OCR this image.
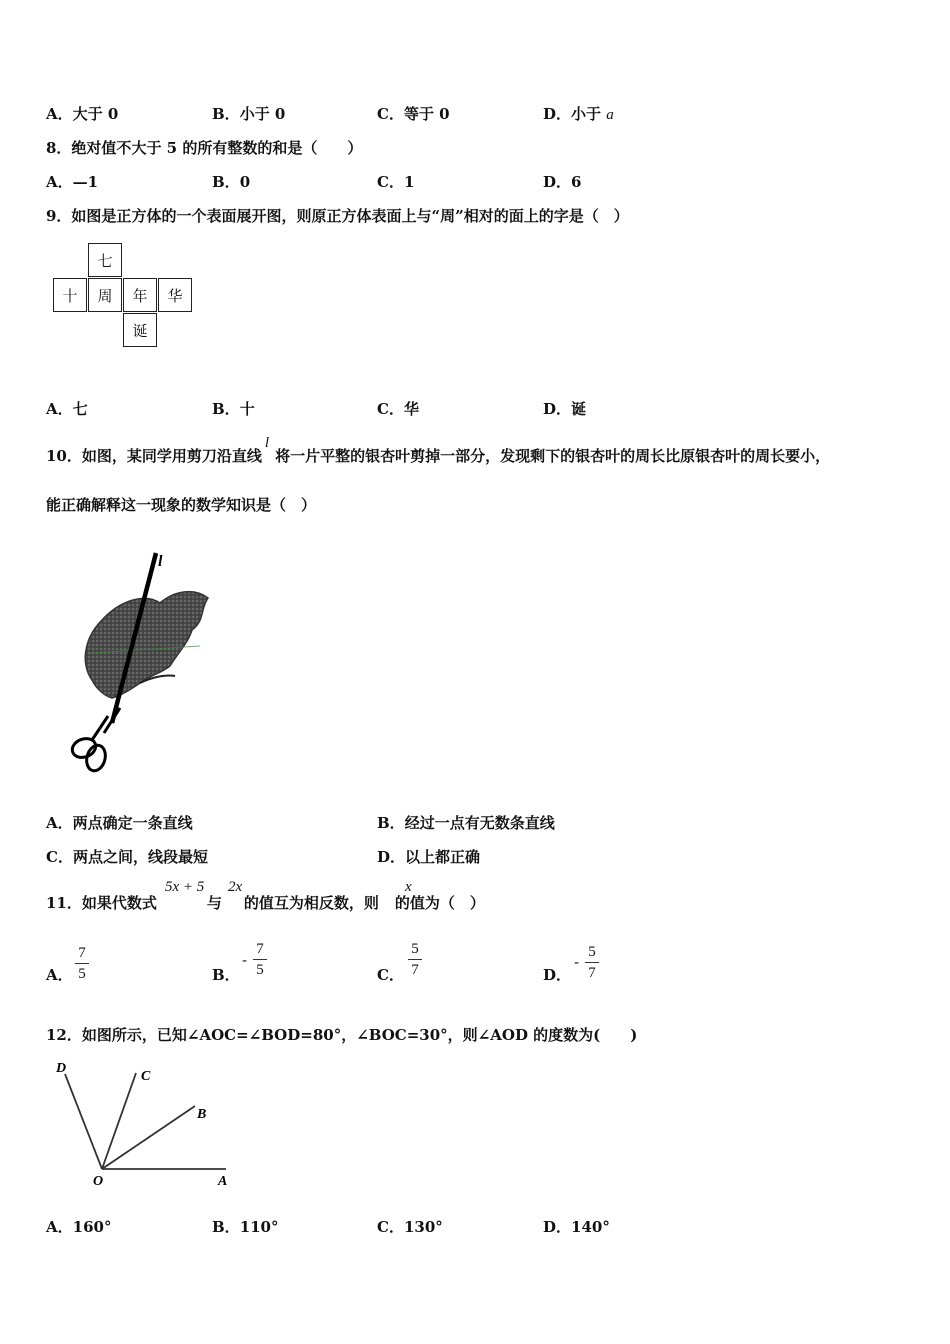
A．大于 0	B．小于 0	C．等于 0	D．小于 a
8．绝对值不大于 5 的所有整数的和是（　　）
A．—1	B．0	C．1	D．6
9．如图是正方体的一个表面展开图，则原正方体表面上与“周”相对的面上的字是（　）
七
十	周	年	华
诞
A．七	B．十	C．华	D．诞
10．如图，某同学用剪刀沿直线l将一片平整的银杏叶剪掉一部分，发现剩下的银杏叶的周长比原银杏叶的周长要小，
能正确解释这一现象的数学知识是（　）
l
A．两点确定一条直线	B．经过一点有无数条直线
C．两点之间，线段最短	D．以上都正确
11．如果代数式	与 的值互为相反数，则 的值为（　）
5x + 5 2x	x
A．
7
5	B．
-
7
5	C．
5
7	D．
-
5
7
12．如图所示，已知∠AOC=∠BOD=80°，∠BOC=30°，则∠AOD 的度数为(　　)
D
C
B
O	A
A．160°	B．110°	C．130°	D．140°
